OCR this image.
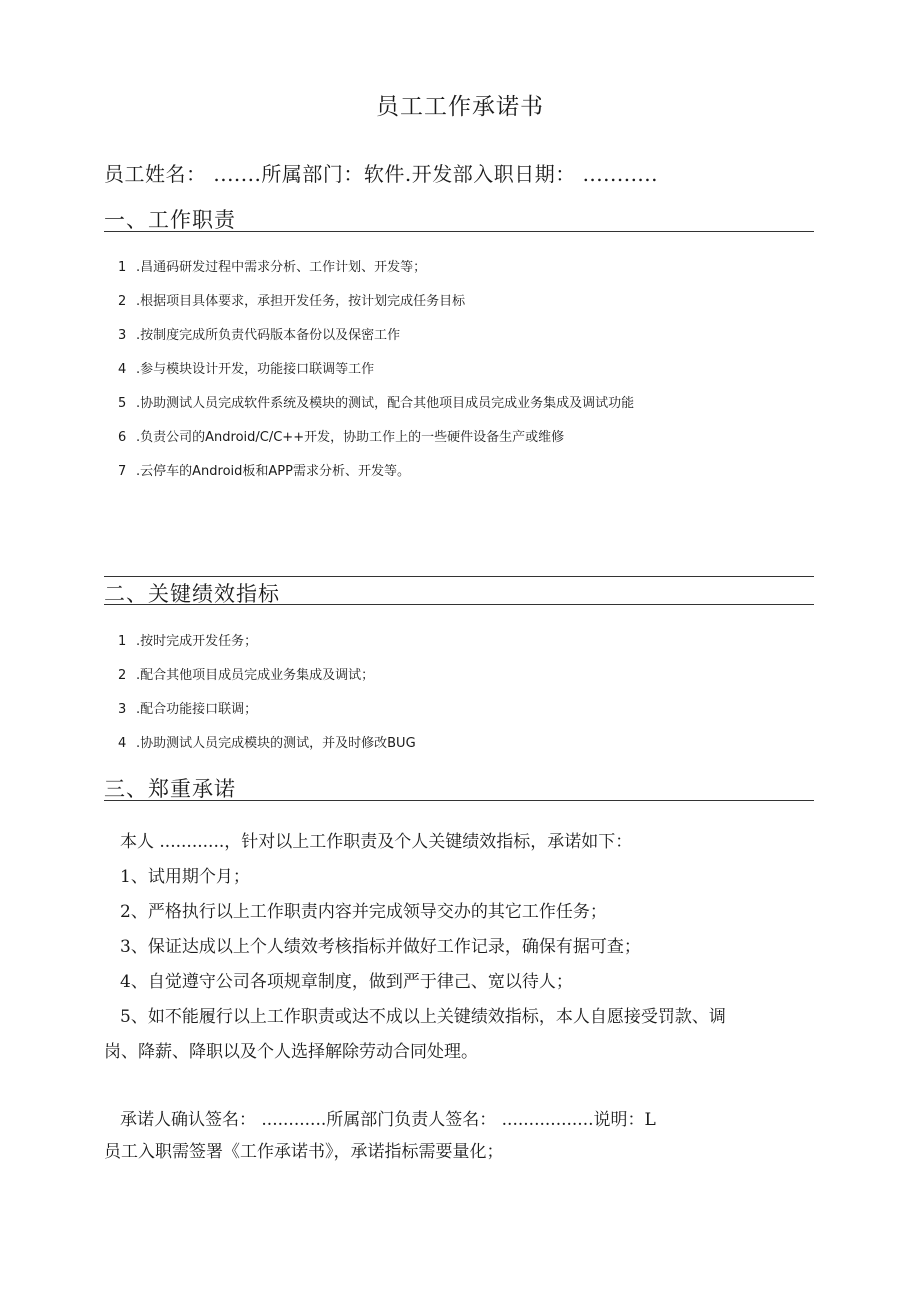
员工工作承诺书
员工姓名： .......所属部门：软件.开发部入职日期： ...........
一、工作职责
1 .昌通码研发过程中需求分析、工作计划、开发等；
2 .根据项目具体要求，承担开发任务，按计划完成任务目标
3 .按制度完成所负责代码版本备份以及保密工作
4 .参与模块设计开发，功能接口联调等工作
5 .协助测试人员完成软件系统及模块的测试，配合其他项目成员完成业务集成及调试功能
6 .负责公司的Android/C/C++开发，协助工作上的一些硬件设备生产或维修
7 .云停车的Android板和APP需求分析、开发等。
二、关键绩效指标
1 .按时完成开发任务；
2 .配合其他项目成员完成业务集成及调试；
3 .配合功能接口联调；
4 .协助测试人员完成模块的测试，并及时修改BUG
三、郑重承诺
本人 ............，针对以上工作职责及个人关键绩效指标，承诺如下：
1、试用期个月；
2、严格执行以上工作职责内容并完成领导交办的其它工作任务；
3、保证达成以上个人绩效考核指标并做好工作记录，确保有据可查；
4、自觉遵守公司各项规章制度，做到严于律己、宽以待人；
5、如不能履行以上工作职责或达不成以上关键绩效指标，本人自愿接受罚款、调
岗、降薪、降职以及个人选择解除劳动合同处理。
承诺人确认签名： ............所属部门负责人签名： .................说明：L
员工入职需签署《工作承诺书》，承诺指标需要量化；
